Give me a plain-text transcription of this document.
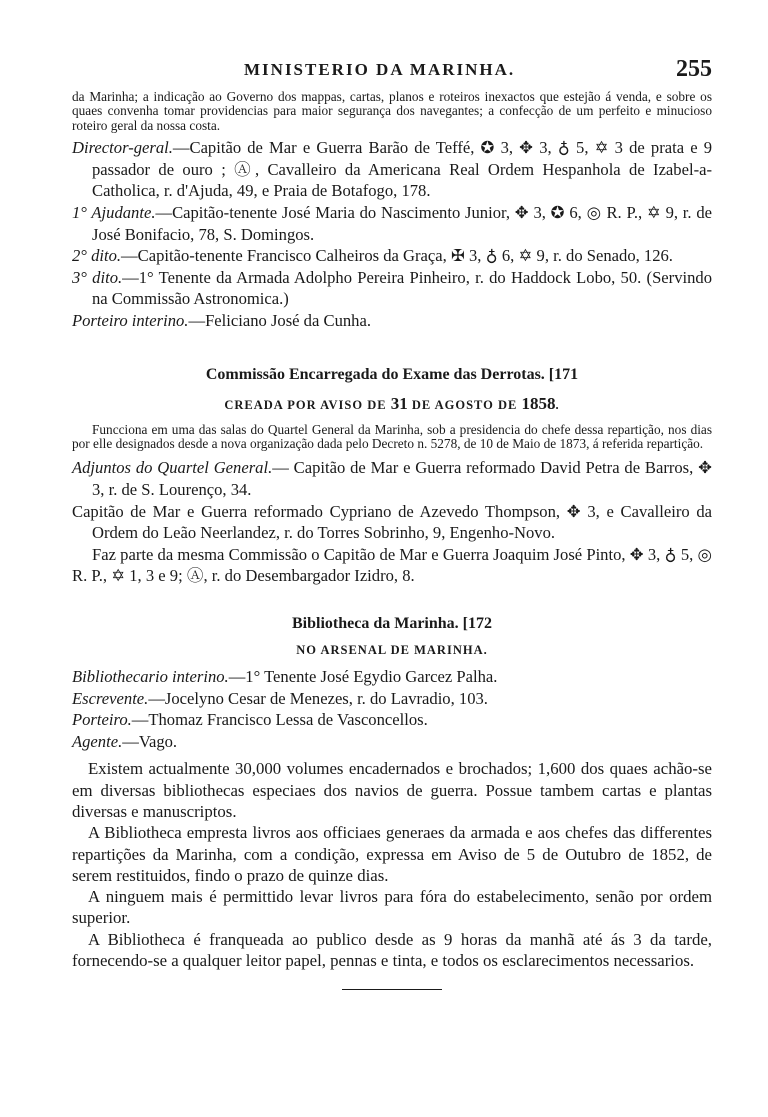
MINISTERIO DA MARINHA.	255

da Marinha; a indicação ao Governo dos mappas, cartas, planos e roteiros inexactos que estejão á venda, e sobre os quaes convenha tomar providencias para maior segurança dos navegantes; a confecção de um perfeito e minucioso roteiro geral da nossa costa.

Director-geral.—Capitão de Mar e Guerra Barão de Teffé, ✪ 3, ✥ 3, ♁ 5, ✡ 3 de prata e 9 passador de ouro ; Ⓐ, Cavalleiro da Americana Real Ordem Hespanhola de Izabel-a-Catholica, r. d'Ajuda, 49, e Praia de Botafogo, 178.

1° Ajudante.—Capitão-tenente José Maria do Nascimento Junior, ✥ 3, ✪ 6, ◎ R. P., ✡ 9, r. de José Bonifacio, 78, S. Domingos.

2° dito.—Capitão-tenente Francisco Calheiros da Graça, ✠ 3, ♁ 6, ✡ 9, r. do Senado, 126.

3° dito.—1° Tenente da Armada Adolpho Pereira Pinheiro, r. do Haddock Lobo, 50. (Servindo na Commissão Astronomica.)

Porteiro interino.—Feliciano José da Cunha.

Commissão Encarregada do Exame das Derrotas. [171
CREADA POR AVISO DE 31 DE AGOSTO DE 1858.

Funcciona em uma das salas do Quartel General da Marinha, sob a presidencia do chefe dessa repartição, nos dias por elle designados desde a nova organização dada pelo Decreto n. 5278, de 10 de Maio de 1873, á referida repartição.

Adjuntos do Quartel General.— Capitão de Mar e Guerra reformado David Petra de Barros, ✥ 3, r. de S. Lourenço, 34.

Capitão de Mar e Guerra reformado Cypriano de Azevedo Thompson, ✥ 3, e Cavalleiro da Ordem do Leão Neerlandez, r. do Torres Sobrinho, 9, Engenho-Novo.

Faz parte da mesma Commissão o Capitão de Mar e Guerra Joaquim José Pinto, ✥ 3, ♁ 5, ◎ R. P., ✡ 1, 3 e 9; Ⓐ, r. do Desembargador Izidro, 8.

Bibliotheca da Marinha. [172
NO ARSENAL DE MARINHA.

Bibliothecario interino.—1° Tenente José Egydio Garcez Palha.

Escrevente.—Jocelyno Cesar de Menezes, r. do Lavradio, 103.

Porteiro.—Thomaz Francisco Lessa de Vasconcellos.

Agente.—Vago.

Existem actualmente 30,000 volumes encadernados e brochados; 1,600 dos quaes achão-se em diversas bibliothecas especiaes dos navios de guerra. Possue tambem cartas e plantas diversas e manuscriptos.

A Bibliotheca empresta livros aos officiaes generaes da armada e aos chefes das differentes repartições da Marinha, com a condição, expressa em Aviso de 5 de Outubro de 1852, de serem restituidos, findo o prazo de quinze dias.

A ninguem mais é permittido levar livros para fóra do estabelecimento, senão por ordem superior.

A Bibliotheca é franqueada ao publico desde as 9 horas da manhã até ás 3 da tarde, fornecendo-se a qualquer leitor papel, pennas e tinta, e todos os esclarecimentos necessarios.
